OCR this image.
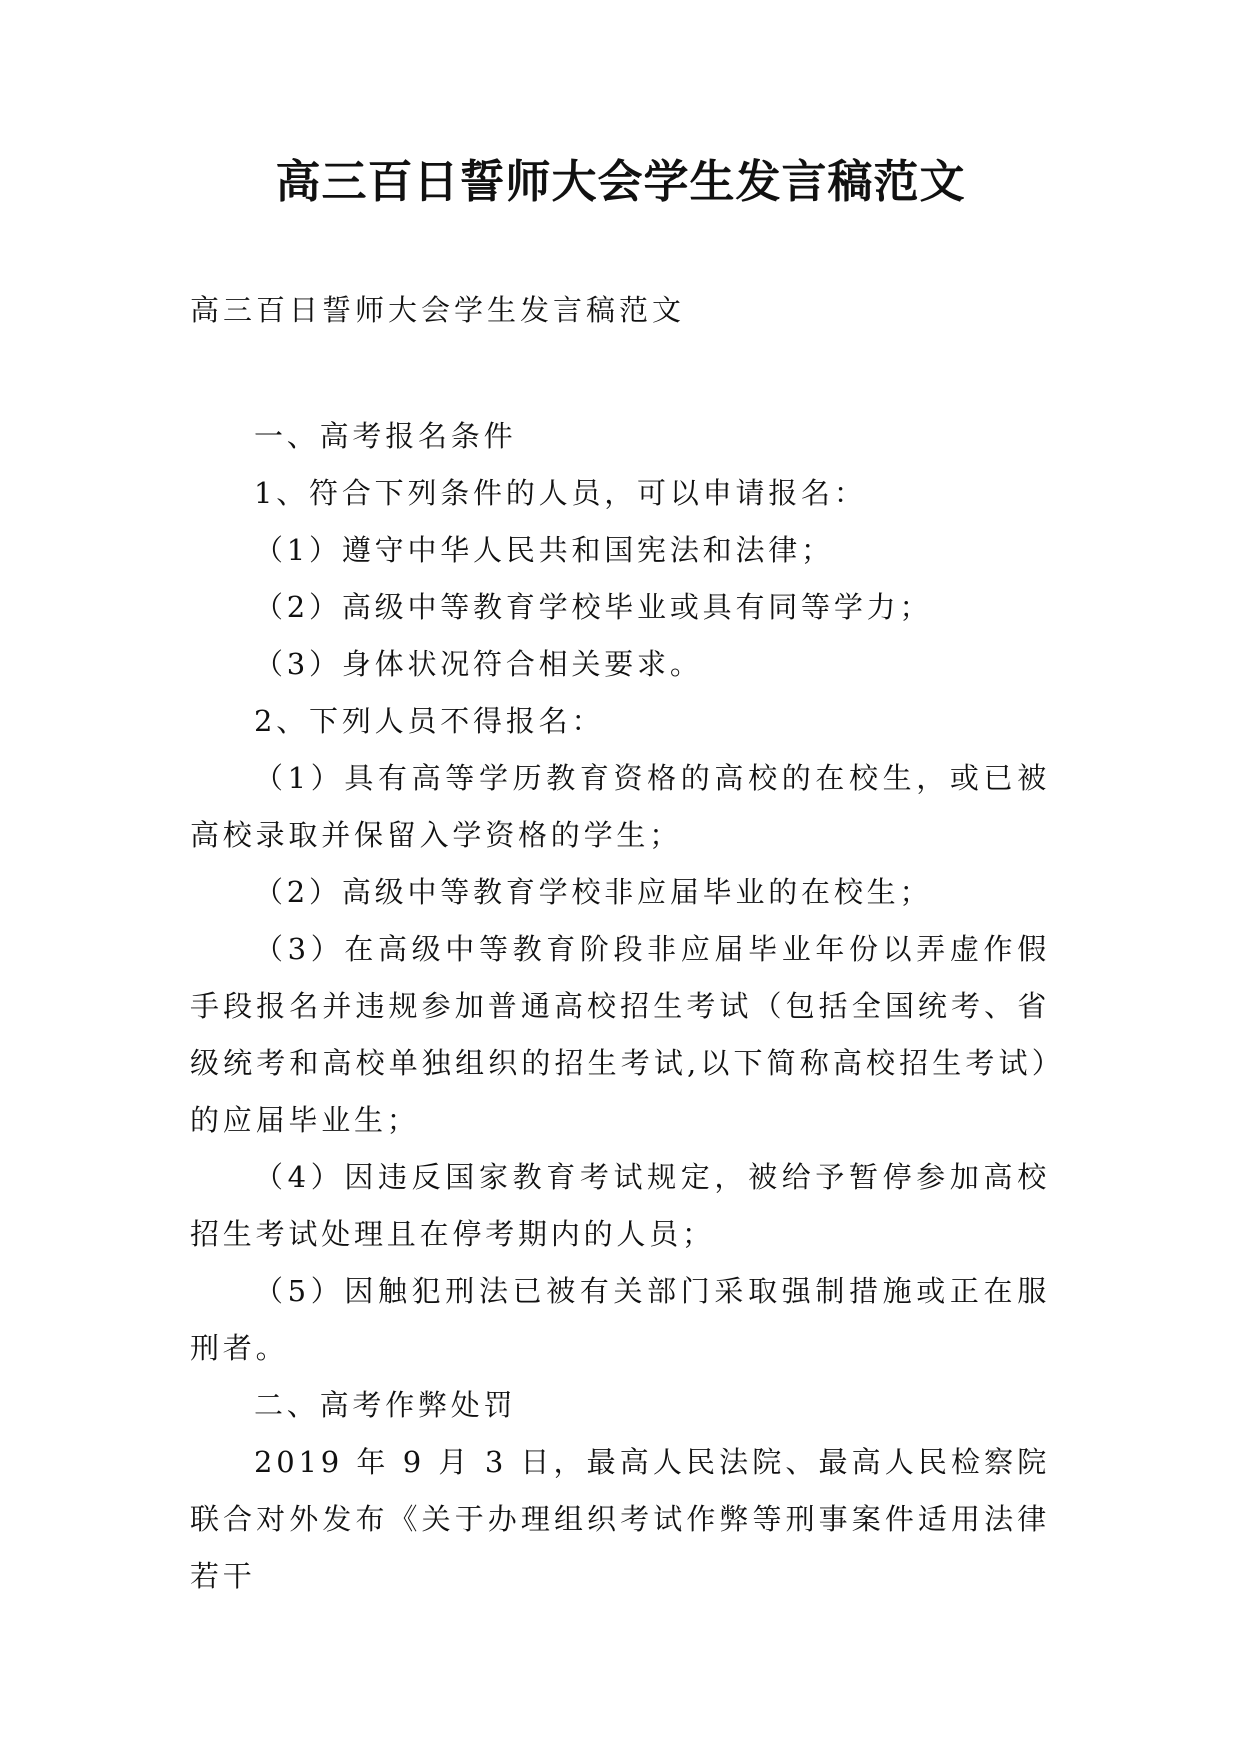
高三百日誓师大会学生发言稿范文

高三百日誓师大会学生发言稿范文

一、高考报名条件

1、符合下列条件的人员，可以申请报名：

（1）遵守中华人民共和国宪法和法律；

（2）高级中等教育学校毕业或具有同等学力；

（3）身体状况符合相关要求。

2、下列人员不得报名：

（1）具有高等学历教育资格的高校的在校生，或已被高校录取并保留入学资格的学生；

（2）高级中等教育学校非应届毕业的在校生；

（3）在高级中等教育阶段非应届毕业年份以弄虚作假手段报名并违规参加普通高校招生考试（包括全国统考、省级统考和高校单独组织的招生考试,以下简称高校招生考试）的应届毕业生；

（4）因违反国家教育考试规定，被给予暂停参加高校招生考试处理且在停考期内的人员；

（5）因触犯刑法已被有关部门采取强制措施或正在服刑者。

二、高考作弊处罚

2019 年 9 月 3 日，最高人民法院、最高人民检察院联合对外发布《关于办理组织考试作弊等刑事案件适用法律若干
